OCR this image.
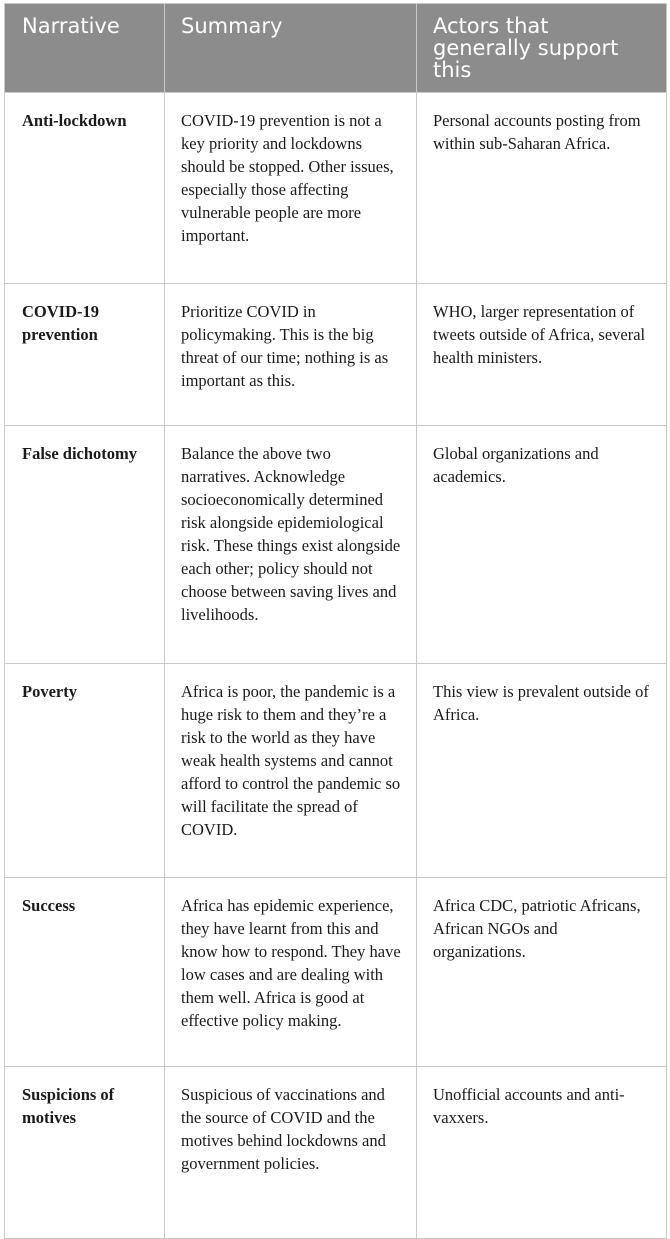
Narrative	Summary	Actors that generally support this
Anti-lockdown	COVID-19 prevention is not a key priority and lockdowns should be stopped. Other issues, especially those affecting vulnerable people are more important.	Personal accounts posting from within sub-Saharan Africa.
COVID-19 prevention	Prioritize COVID in policymaking. This is the big threat of our time; nothing is as important as this.	WHO, larger representation of tweets outside of Africa, several health ministers.
False dichotomy	Balance the above two narratives. Acknowledge socioeconomically determined risk alongside epidemiological risk. These things exist alongside each other; policy should not choose between saving lives and livelihoods.	Global organizations and academics.
Poverty	Africa is poor, the pandemic is a huge risk to them and they’re a risk to the world as they have weak health systems and cannot afford to control the pandemic so will facilitate the spread of COVID.	This view is prevalent outside of Africa.
Success	Africa has epidemic experience, they have learnt from this and know how to respond. They have low cases and are dealing with them well. Africa is good at effective policy making.	Africa CDC, patriotic Africans, African NGOs and organizations.
Suspicions of motives	Suspicious of vaccinations and the source of COVID and the motives behind lockdowns and government policies.	Unofficial accounts and anti-vaxxers.
